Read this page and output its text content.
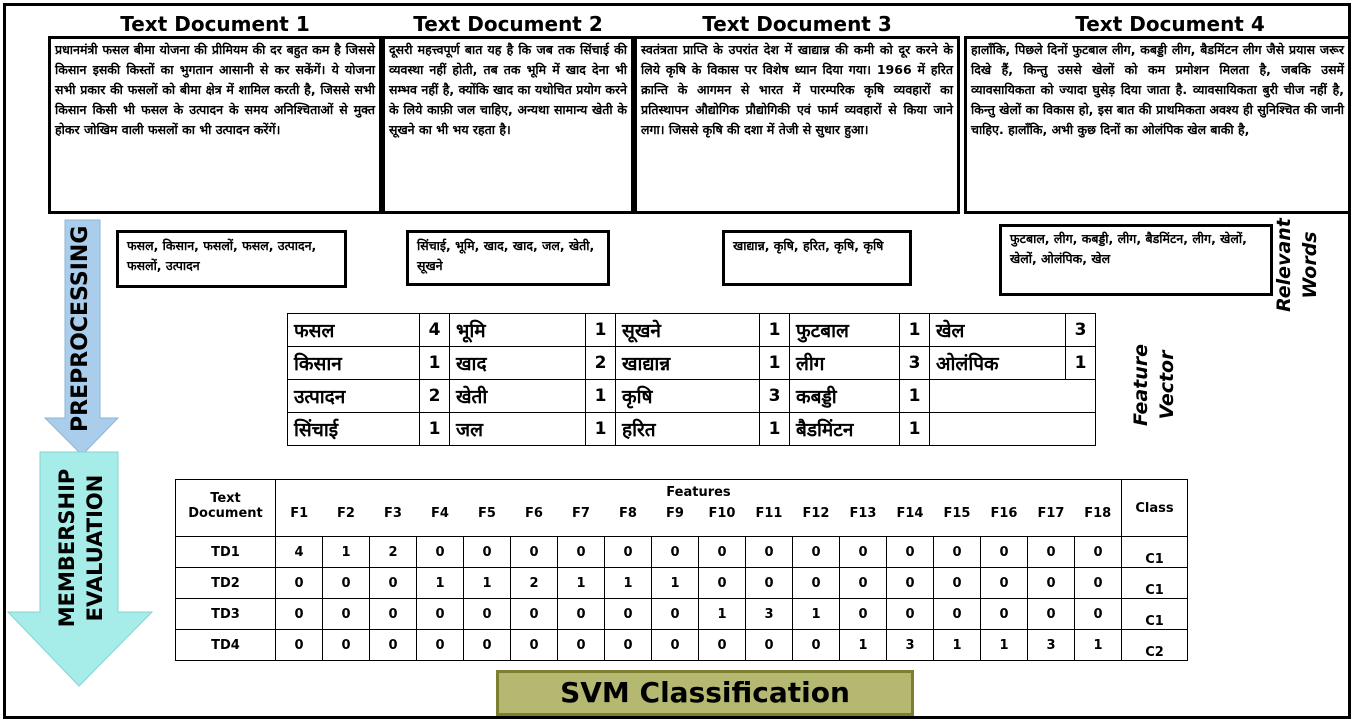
Text Document 1	Text Document 2	Text Document 3	Text Document 4
प्रधानमंत्री फसल बीमा योजना की प्रीमियम की दर बहुत कम है जिससे किसान इसकी किस्तों का भुगतान आसानी से कर सकेंगें। ये योजना सभी प्रकार की फसलों को बीमा क्षेत्र में शामिल करती है, जिससे सभी किसान किसी भी फसल के उत्पादन के समय अनिश्चिताओं से मुक्त होकर जोखिम वाली फसलों का भी उत्पादन करेंगें।
दूसरी महत्त्वपूर्ण बात यह है कि जब तक सिंचाई की व्यवस्था नहीं होती, तब तक भूमि में खाद देना भी सम्भव नहीं है, क्योंकि खाद का यथोचित प्रयोग करने के लिये काफ़ी जल चाहिए, अन्यथा सामान्य खेती के सूखने का भी भय रहता है।
स्वतंत्रता प्राप्ति के उपरांत देश में खाद्यान्न की कमी को दूर करने के लिये कृषि के विकास पर विशेष ध्यान दिया गया। 1966 में हरित क्रान्ति के आगमन से भारत में पारम्परिक कृषि व्यवहारों का प्रतिस्थापन औद्योगिक प्रौद्योगिकी एवं फार्म व्यवहारों से किया जाने लगा। जिससे कृषि की दशा में तेजी से सुधार हुआ।
हालाँकि, पिछले दिनों फुटबाल लीग, कबड्डी लीग, बैडमिंटन लीग जैसे प्रयास जरूर दिखे हैं, किन्तु उससे खेलों को कम प्रमोशन मिलता है, जबकि उसमें व्यावसायिकता को ज्यादा घुसेड़ दिया जाता है. व्यावसायिकता बुरी चीज नहीं है, किन्तु खेलों का विकास हो, इस बात की प्राथमिकता अवश्य ही सुनिश्चित की जानी चाहिए. हालाँकि, अभी कुछ दिनों का ओलंपिक खेल बाकी है,
PREPROCESSING
MEMBERSHIP EVALUATION
फसल, किसान, फसलों, फसल, उत्पादन, फसलों, उत्पादन
सिंचाई, भूमि, खाद, खाद, जल, खेती, सूखने
खाद्यान्न, कृषि, हरित, कृषि, कृषि	फुटबाल, लीग, कबड्डी, लीग, बैडमिंटन, लीग, खेलों, खेलों, ओलंपिक, खेल	Relevant Words
फसल	4	भूमि	1	सूखने	1	फुटबाल	1	खेल	3
किसान	1	खाद	2	खाद्यान्न	1	लीग	3	ओलंपिक	1
उत्पादन	2	खेती	1	कृषि	3	कबड्डी	1		
सिंचाई	1	जल	1	हरित	1	बैडमिंटन	1		
Feature Vector
Text	Features																		Class
Document	F1	F2	F3	F4	F5	F6	F7	F8	F9	F10	F11	F12	F13	F14	F15	F16	F17	F18	
TD1	4	1	2	0	0	0	0	0	0	0	0	0	0	0	0	0	0	0	C1
TD2	0	0	0	1	1	2	1	1	1	0	0	0	0	0	0	0	0	0	C1
TD3	0	0	0	0	0	0	0	0	0	1	3	1	0	0	0	0	0	0	C1
TD4	0	0	0	0	0	0	0	0	0	0	0	0	1	3	1	1	3	1	C2
SVM Classification
